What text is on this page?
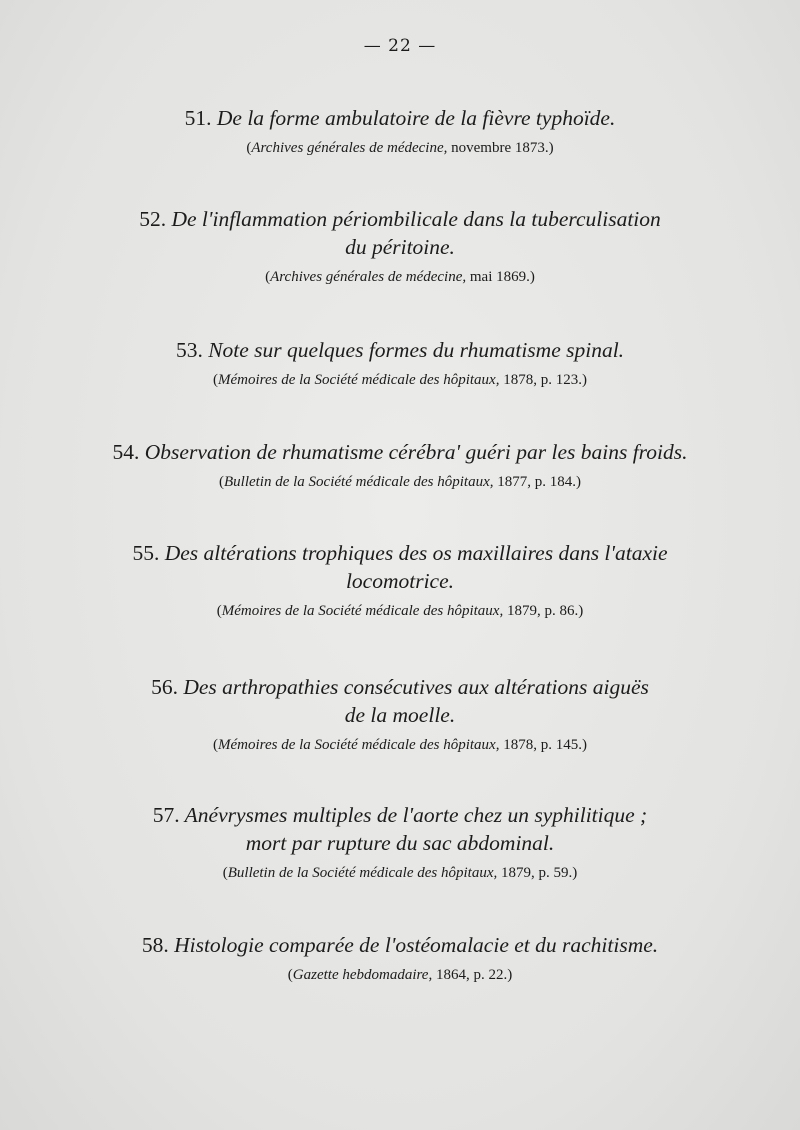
— 22 —
51. De la forme ambulatoire de la fièvre typhoïde.
(Archives générales de médecine, novembre 1873.)
52. De l'inflammation périombilicale dans la tuberculisation
du péritoine.
(Archives générales de médecine, mai 1869.)
53. Note sur quelques formes du rhumatisme spinal.
(Mémoires de la Société médicale des hôpitaux, 1878, p. 123.)
54. Observation de rhumatisme cérébra' guéri par les bains froids.
(Bulletin de la Société médicale des hôpitaux, 1877, p. 184.)
55. Des altérations trophiques des os maxillaires dans l'ataxie
locomotrice.
(Mémoires de la Société médicale des hôpitaux, 1879, p. 86.)
56. Des arthropathies consécutives aux altérations aiguës
de la moelle.
(Mémoires de la Société médicale des hôpitaux, 1878, p. 145.)
57. Anévrysmes multiples de l'aorte chez un syphilitique ;
mort par rupture du sac abdominal.
(Bulletin de la Société médicale des hôpitaux, 1879, p. 59.)
58. Histologie comparée de l'ostéomalacie et du rachitisme.
(Gazette hebdomadaire, 1864, p. 22.)
